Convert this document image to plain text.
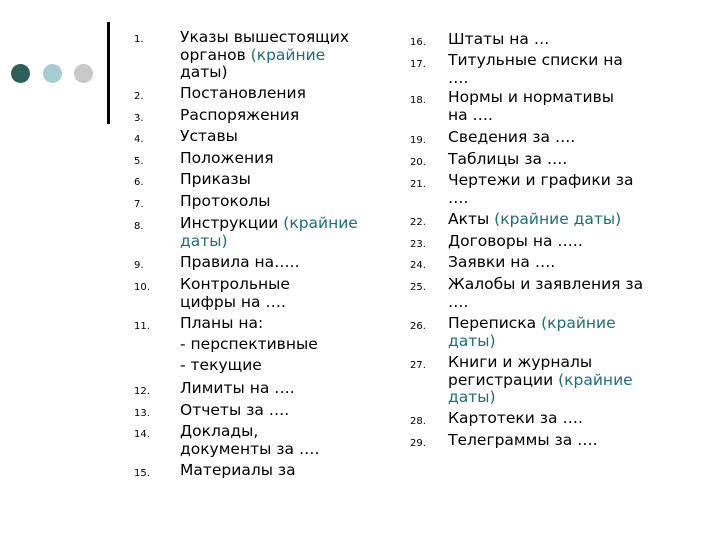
1. Указы вышестоящих
органов (крайние
даты)
2. Постановления
3. Распоряжения
4. Уставы
5. Положения
6. Приказы
7. Протоколы
8. Инструкции (крайние
даты)
9. Правила на…..
10. Контрольные
цифры на ….
11. Планы на:
- перспективные
- текущие
12. Лимиты на ….
13. Отчеты за ….
14. Доклады,
документы за ….
15. Материалы за
16. Штаты на …
17. Титульные списки на
….
18. Нормы и нормативы
на ….
19. Сведения за ….
20. Таблицы за ….
21. Чертежи и графики за
….
22. Акты (крайние даты)
23. Договоры на …..
24. Заявки на ….
25. Жалобы и заявления за
….
26. Переписка (крайние
даты)
27. Книги и журналы
регистрации (крайние
даты)
28. Картотеки за ….
29. Телеграммы за ….
